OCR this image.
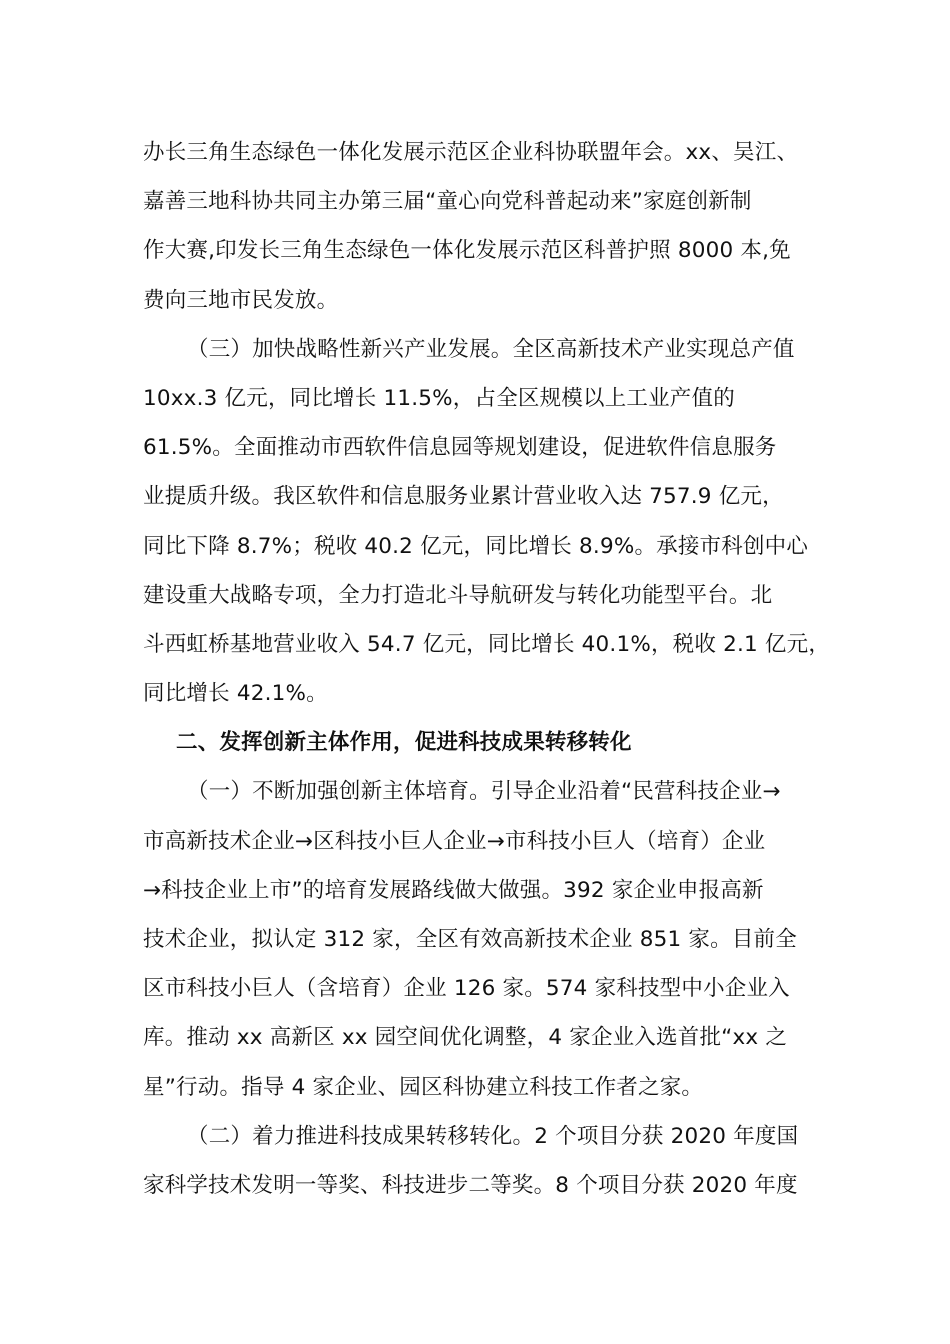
办长三角生态绿色一体化发展示范区企业科协联盟年会。xx、吴江、
嘉善三地科协共同主办第三届“童心向党科普起动来”家庭创新制
作大赛,印发长三角生态绿色一体化发展示范区科普护照 8000 本,免
费向三地市民发放。
（三）加快战略性新兴产业发展。全区高新技术产业实现总产值
10xx.3 亿元，同比增长 11.5%，占全区规模以上工业产值的
61.5%。全面推动市西软件信息园等规划建设，促进软件信息服务
业提质升级。我区软件和信息服务业累计营业收入达 757.9 亿元，
同比下降 8.7%；税收 40.2 亿元，同比增长 8.9%。承接市科创中心
建设重大战略专项，全力打造北斗导航研发与转化功能型平台。北
斗西虹桥基地营业收入 54.7 亿元，同比增长 40.1%，税收 2.1 亿元，
同比增长 42.1%。
二、发挥创新主体作用，促进科技成果转移转化
（一）不断加强创新主体培育。引导企业沿着“民营科技企业→
市高新技术企业→区科技小巨人企业→市科技小巨人（培育）企业
→科技企业上市”的培育发展路线做大做强。392 家企业申报高新
技术企业，拟认定 312 家，全区有效高新技术企业 851 家。目前全
区市科技小巨人（含培育）企业 126 家。574 家科技型中小企业入
库。推动 xx 高新区 xx 园空间优化调整，4 家企业入选首批“xx 之
星”行动。指导 4 家企业、园区科协建立科技工作者之家。
（二）着力推进科技成果转移转化。2 个项目分获 2020 年度国
家科学技术发明一等奖、科技进步二等奖。8 个项目分获 2020 年度
